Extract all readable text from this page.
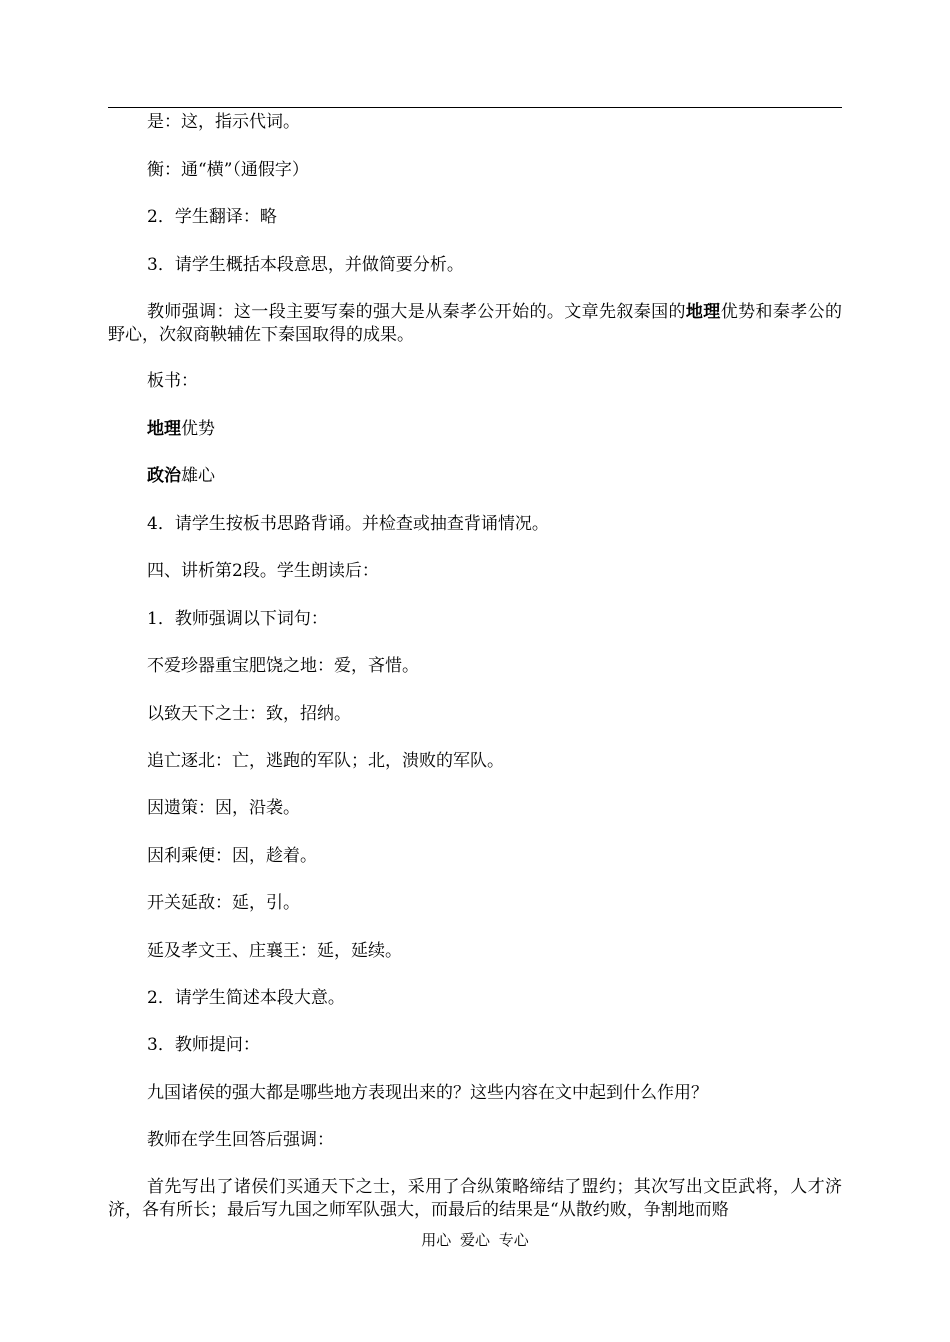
是：这，指示代词。
衡：通“横”（通假字）
2．学生翻译：略
3．请学生概括本段意思，并做简要分析。
教师强调：这一段主要写秦的强大是从秦孝公开始的。文章先叙秦国的地理优势和秦孝公的野心，次叙商鞅辅佐下秦国取得的成果。
板书：
地理优势
政治雄心
4．请学生按板书思路背诵。并检查或抽查背诵情况。
四、讲析第2段。学生朗读后：
1．教师强调以下词句：
不爱珍器重宝肥饶之地：爱，吝惜。
以致天下之士：致，招纳。
追亡逐北：亡，逃跑的军队；北，溃败的军队。
因遗策：因，沿袭。
因利乘便：因，趁着。
开关延敌：延，引。
延及孝文王、庄襄王：延，延续。
2．请学生简述本段大意。
3．教师提问：
九国诸侯的强大都是哪些地方表现出来的？这些内容在文中起到什么作用？
教师在学生回答后强调：
首先写出了诸侯们买通天下之士，采用了合纵策略缔结了盟约；其次写出文臣武将，人才济济，各有所长；最后写九国之师军队强大，而最后的结果是“从散约败，争割地而赂
用心 爱心 专心
